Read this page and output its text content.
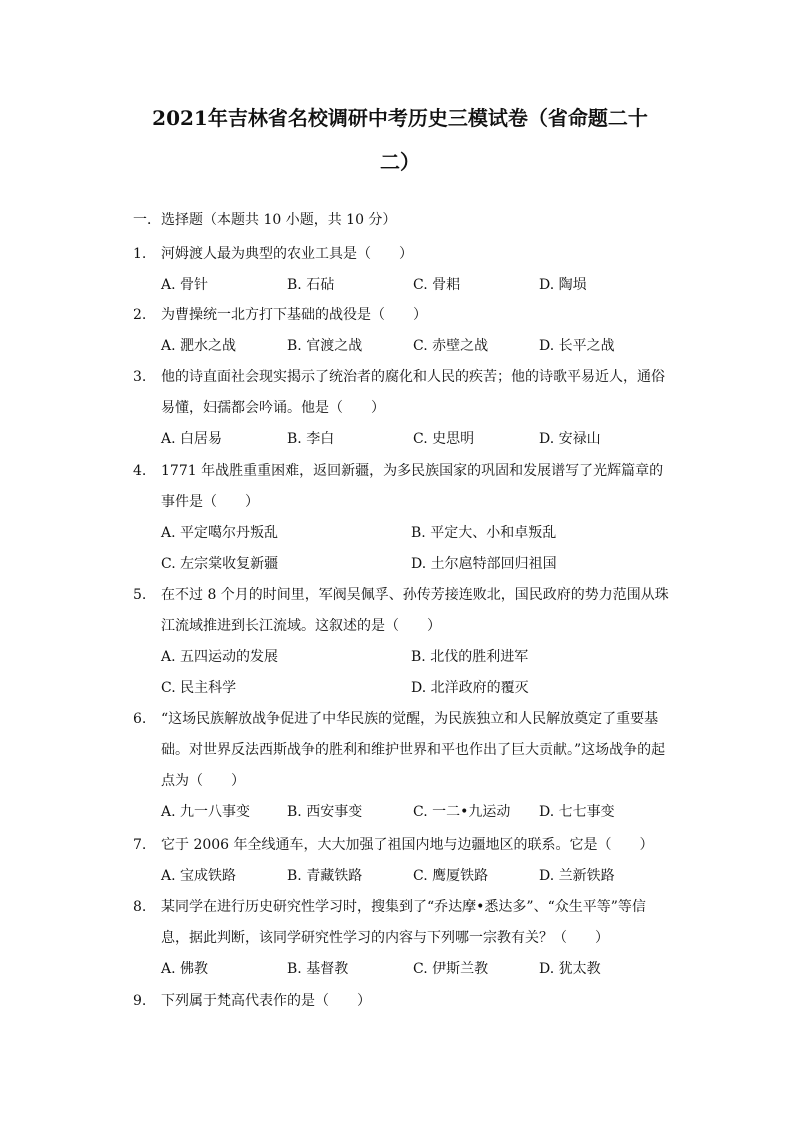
2021年吉林省名校调研中考历史三模试卷（省命题二十
二）
一．选择题（本题共 10 小题，共 10 分）
1.	河姆渡人最为典型的农业工具是（　　）
A. 骨针	B. 石砧	C. 骨耜	D. 陶埙
2.	为曹操统一北方打下基础的战役是（　　）
A. 淝水之战	B. 官渡之战	C. 赤壁之战	D. 长平之战
3.	他的诗直面社会现实揭示了统治者的腐化和人民的疾苦；他的诗歌平易近人，通俗易懂，妇孺都会吟诵。他是（　　）
A. 白居易	B. 李白	C. 史思明	D. 安禄山
4.	1771 年战胜重重困难，返回新疆，为多民族国家的巩固和发展谱写了光辉篇章的事件是（　　）
A. 平定噶尔丹叛乱	B. 平定大、小和卓叛乱
C. 左宗棠收复新疆	D. 土尔扈特部回归祖国
5.	在不过 8 个月的时间里，军阀吴佩孚、孙传芳接连败北，国民政府的势力范围从珠江流域推进到长江流域。这叙述的是（　　）
A. 五四运动的发展	B. 北伐的胜利进军
C. 民主科学	D. 北洋政府的覆灭
6.	“这场民族解放战争促进了中华民族的觉醒，为民族独立和人民解放奠定了重要基础。对世界反法西斯战争的胜利和维护世界和平也作出了巨大贡献。”这场战争的起点为（　　）
A. 九一八事变	B. 西安事变	C. 一二•九运动	D. 七七事变
7.	它于 2006 年全线通车，大大加强了祖国内地与边疆地区的联系。它是（　　）
A. 宝成铁路	B. 青藏铁路	C. 鹰厦铁路	D. 兰新铁路
8.	某同学在进行历史研究性学习时，搜集到了“乔达摩•悉达多”、“众生平等”等信息，据此判断，该同学研究性学习的内容与下列哪一宗教有关？（　　）
A. 佛教	B. 基督教	C. 伊斯兰教	D. 犹太教
9.	下列属于梵高代表作的是（　　）
